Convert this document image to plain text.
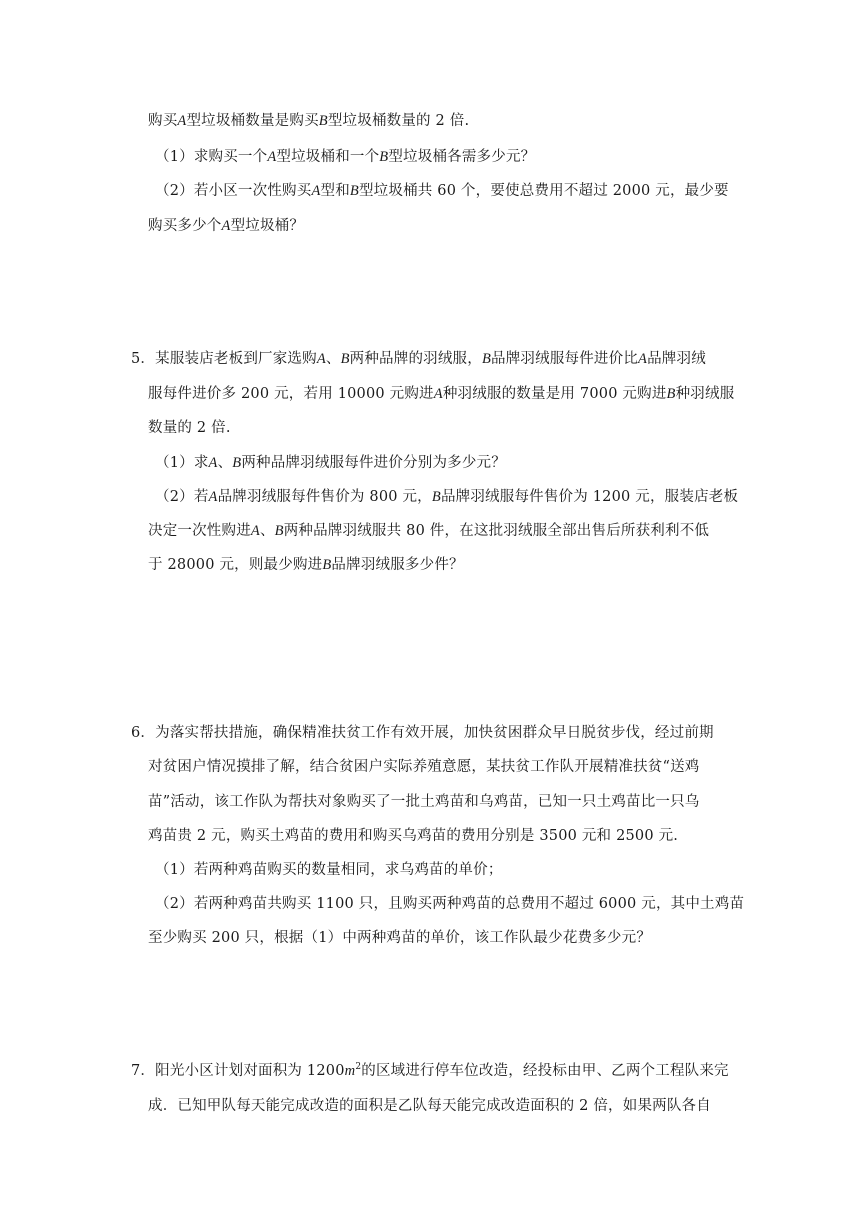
购买A型垃圾桶数量是购买B型垃圾桶数量的 2 倍.
（1）求购买一个A型垃圾桶和一个B型垃圾桶各需多少元？
（2）若小区一次性购买A型和B型垃圾桶共 60 个，要使总费用不超过 2000 元，最少要
购买多少个A型垃圾桶？
5．某服装店老板到厂家选购A、B两种品牌的羽绒服，B品牌羽绒服每件进价比A品牌羽绒
服每件进价多 200 元，若用 10000 元购进A种羽绒服的数量是用 7000 元购进B种羽绒服
数量的 2 倍.
（1）求A、B两种品牌羽绒服每件进价分别为多少元？
（2）若A品牌羽绒服每件售价为 800 元，B品牌羽绒服每件售价为 1200 元，服装店老板
决定一次性购进A、B两种品牌羽绒服共 80 件，在这批羽绒服全部出售后所获利利不低
于 28000 元，则最少购进B品牌羽绒服多少件？
6．为落实帮扶措施，确保精准扶贫工作有效开展，加快贫困群众早日脱贫步伐，经过前期
对贫困户情况摸排了解，结合贫困户实际养殖意愿，某扶贫工作队开展精准扶贫“送鸡
苗”活动，该工作队为帮扶对象购买了一批土鸡苗和乌鸡苗，已知一只土鸡苗比一只乌
鸡苗贵 2 元，购买土鸡苗的费用和购买乌鸡苗的费用分别是 3500 元和 2500 元.
（1）若两种鸡苗购买的数量相同，求乌鸡苗的单价；
（2）若两种鸡苗共购买 1100 只，且购买两种鸡苗的总费用不超过 6000 元，其中土鸡苗
至少购买 200 只，根据（1）中两种鸡苗的单价，该工作队最少花费多少元？
7．阳光小区计划对面积为 $1200m^2$的区域进行停车位改造，经投标由甲、乙两个工程队来完
成．已知甲队每天能完成改造的面积是乙队每天能完成改造面积的 2 倍，如果两队各自
